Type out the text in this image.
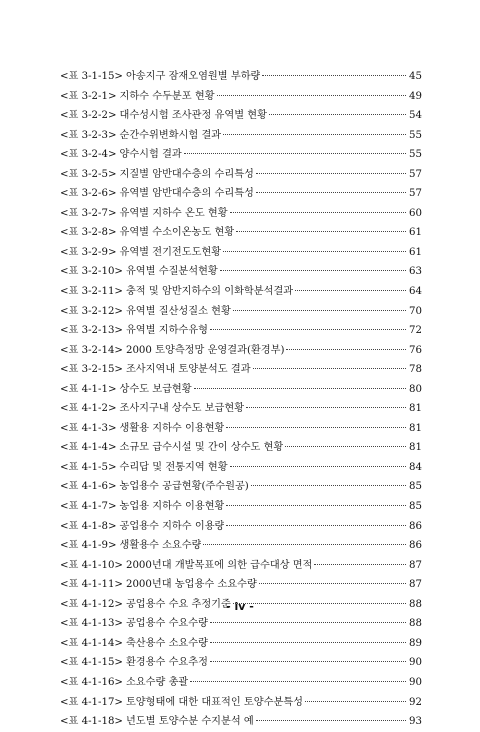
<표 3-1-15> 아송지구 잠재오염원별 부하량	45
<표 3-2-1> 지하수 수두분포 현황	49
<표 3-2-2> 대수성시험 조사관정 유역별 현황	54
<표 3-2-3> 순간수위변화시험 결과	55
<표 3-2-4> 양수시험 결과	55
<표 3-2-5> 지질별 암반대수층의 수리특성	57
<표 3-2-6> 유역별 암반대수층의 수리특성	57
<표 3-2-7> 유역별 지하수 온도 현황	60
<표 3-2-8> 유역별 수소이온농도 현황	61
<표 3-2-9> 유역별 전기전도도현황	61
<표 3-2-10> 유역별 수질분석현황	63
<표 3-2-11> 충적 및 암반지하수의 이화학분석결과	64
<표 3-2-12> 유역별 질산성질소 현황	70
<표 3-2-13> 유역별 지하수유형	72
<표 3-2-14> 2000 토양측정망 운영결과(환경부)	76
<표 3-2-15> 조사지역내 토양분석도 결과	78
<표 4-1-1> 상수도 보급현황	80
<표 4-1-2> 조사지구내 상수도 보급현황	81
<표 4-1-3> 생활용 지하수 이용현황	81
<표 4-1-4> 소규모 급수시설 및 간이 상수도 현황	81
<표 4-1-5> 수리답 및 전통지역 현황	84
<표 4-1-6> 농업용수 공급현황(주수원공)	85
<표 4-1-7> 농업용 지하수 이용현황	85
<표 4-1-8> 공업용수 지하수 이용량	86
<표 4-1-9> 생활용수 소요수량	86
<표 4-1-10> 2000년대 개발목표에 의한 급수대상 면적	87
<표 4-1-11> 2000년대 농업용수 소요수량	87
<표 4-1-12> 공업용수 수요 추정기준	88
<표 4-1-13> 공업용수 수요수량	88
<표 4-1-14> 축산용수 소요수량	89
<표 4-1-15> 환경용수 수요추정	90
<표 4-1-16> 소요수량 총괄	90
<표 4-1-17> 토양형태에 대한 대표적인 토양수분특성	92
<표 4-1-18> 년도별 토양수분 수지분석 예	93
- iv -
